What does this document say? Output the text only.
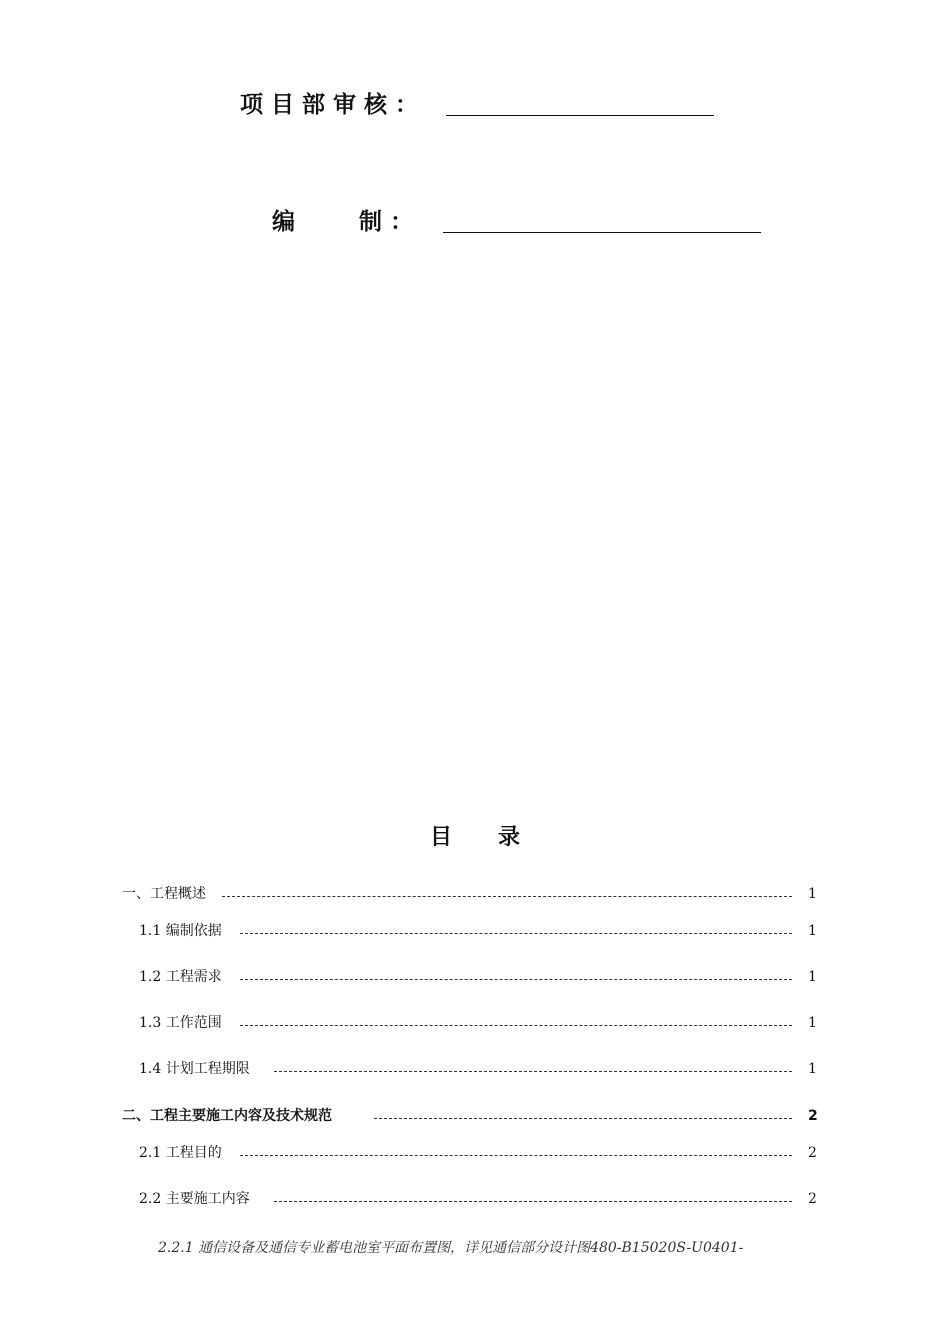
项 目 部 审 核 ：
编        制 ：
目      录
一、工程概述	1
1.1 编制依据	1
1.2 工程需求	1
1.3 工作范围	1
1.4 计划工程期限	1
二、工程主要施工内容及技术规范	2
2.1 工程目的	2
2.2 主要施工内容	2
2.2.1 通信设备及通信专业蓄电池室平面布置图，详见通信部分设计图480-B15020S-U0401-
